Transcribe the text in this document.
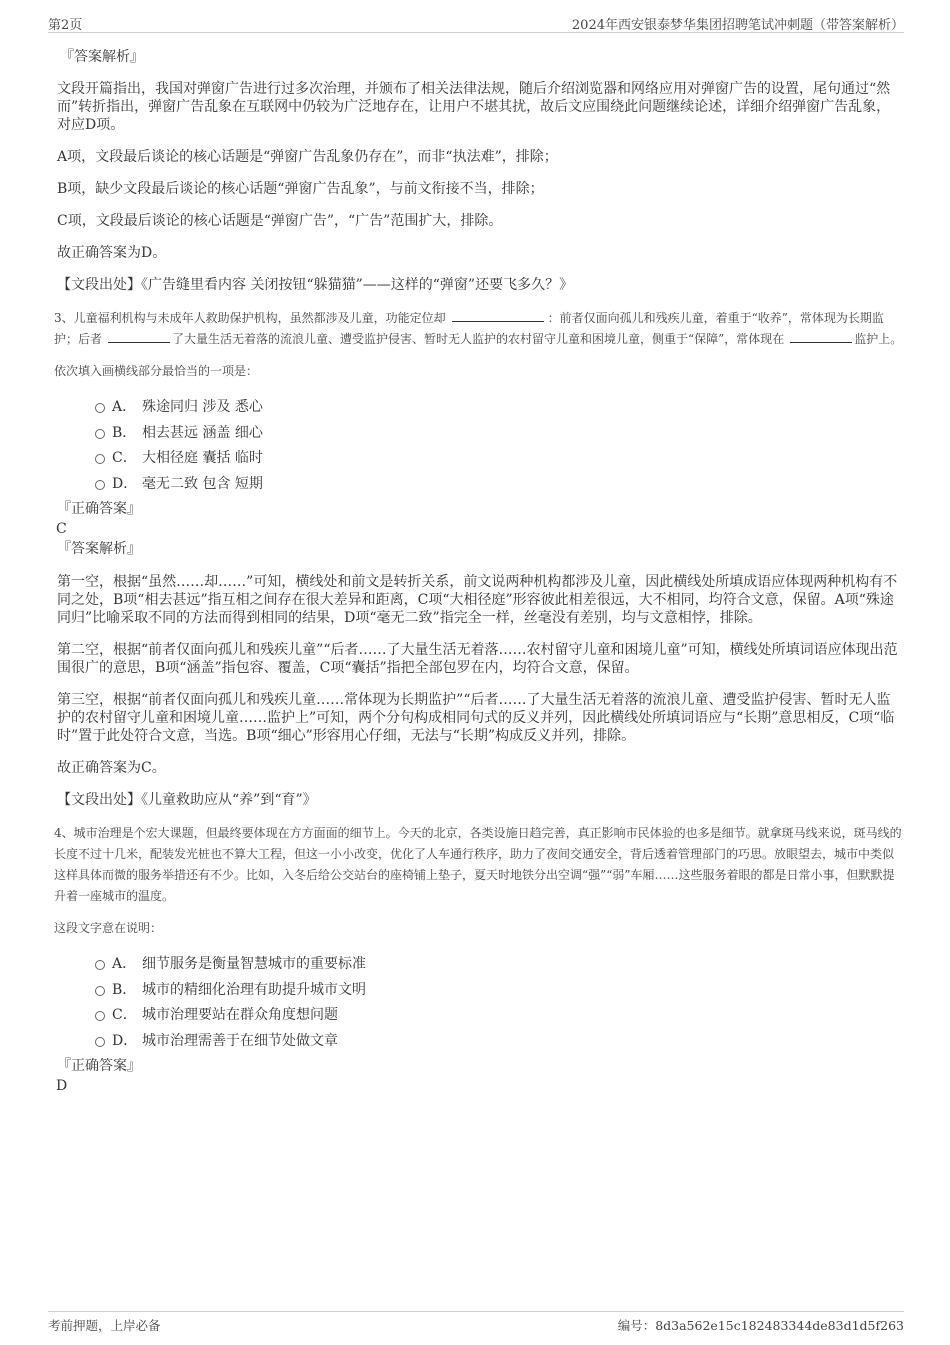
第2页	2024年西安银泰梦华集团招聘笔试冲刺题（带答案解析）
『答案解析』

文段开篇指出，我国对弹窗广告进行过多次治理，并颁布了相关法律法规，随后介绍浏览器和网络应用对弹窗广告的设置，尾句通过“然而”转折指出，弹窗广告乱象在互联网中仍较为广泛地存在，让用户不堪其扰，故后文应围绕此问题继续论述，详细介绍弹窗广告乱象，对应D项。

A项，文段最后谈论的核心话题是“弹窗广告乱象仍存在”，而非“执法难”，排除；

B项，缺少文段最后谈论的核心话题“弹窗广告乱象”，与前文衔接不当，排除；

C项，文段最后谈论的核心话题是“弹窗广告”，“广告”范围扩大，排除。

故正确答案为D。

【文段出处】《广告缝里看内容 关闭按钮“躲猫猫”——这样的“弹窗”还要飞多久？》

3、儿童福利机构与未成年人救助保护机构，虽然都涉及儿童，功能定位却	：前者仅面向孤儿和残疾儿童，着重于“收养”，常体现为长期监护；后者	了大量生活无着落的流浪儿童、遭受监护侵害、暂时无人监护的农村留守儿童和困境儿童，侧重于“保障”，常体现在	监护上。
依次填入画横线部分最恰当的一项是：
A． 殊途同归 涉及 悉心
B． 相去甚远 涵盖 细心
C． 大相径庭 囊括 临时
D． 毫无二致 包含 短期
『正确答案』
C
『答案解析』

第一空，根据“虽然……却……”可知，横线处和前文是转折关系，前文说两种机构都涉及儿童，因此横线处所填成语应体现两种机构有不同之处，B项“相去甚远”指互相之间存在很大差异和距离，C项“大相径庭”形容彼此相差很远，大不相同，均符合文意，保留。A项“殊途同归”比喻采取不同的方法而得到相同的结果，D项“毫无二致”指完全一样，丝毫没有差别，均与文意相悖，排除。

第二空，根据“前者仅面向孤儿和残疾儿童”“后者……了大量生活无着落……农村留守儿童和困境儿童”可知，横线处所填词语应体现出范围很广的意思，B项“涵盖”指包容、覆盖，C项“囊括”指把全部包罗在内，均符合文意，保留。

第三空，根据“前者仅面向孤儿和残疾儿童……常体现为长期监护”“后者……了大量生活无着落的流浪儿童、遭受监护侵害、暂时无人监护的农村留守儿童和困境儿童……监护上”可知，两个分句构成相同句式的反义并列，因此横线处所填词语应与“长期”意思相反，C项“临时”置于此处符合文意，当选。B项“细心”形容用心仔细，无法与“长期”构成反义并列，排除。

故正确答案为C。

【文段出处】《儿童救助应从“养”到“育”》

4、城市治理是个宏大课题，但最终要体现在方方面面的细节上。今天的北京，各类设施日趋完善，真正影响市民体验的也多是细节。就拿斑马线来说，斑马线的长度不过十几米，配装发光桩也不算大工程，但这一小小改变，优化了人车通行秩序，助力了夜间交通安全，背后透着管理部门的巧思。放眼望去，城市中类似这样具体而微的服务举措还有不少。比如，入冬后给公交站台的座椅铺上垫子，夏天时地铁分出空调“强”“弱”车厢……这些服务着眼的都是日常小事，但默默提升着一座城市的温度。
这段文字意在说明：
A． 细节服务是衡量智慧城市的重要标准
B． 城市的精细化治理有助提升城市文明
C． 城市治理要站在群众角度想问题
D． 城市治理需善于在细节处做文章
『正确答案』
D
考前押题，上岸必备	编号：8d3a562e15c182483344de83d1d5f263
